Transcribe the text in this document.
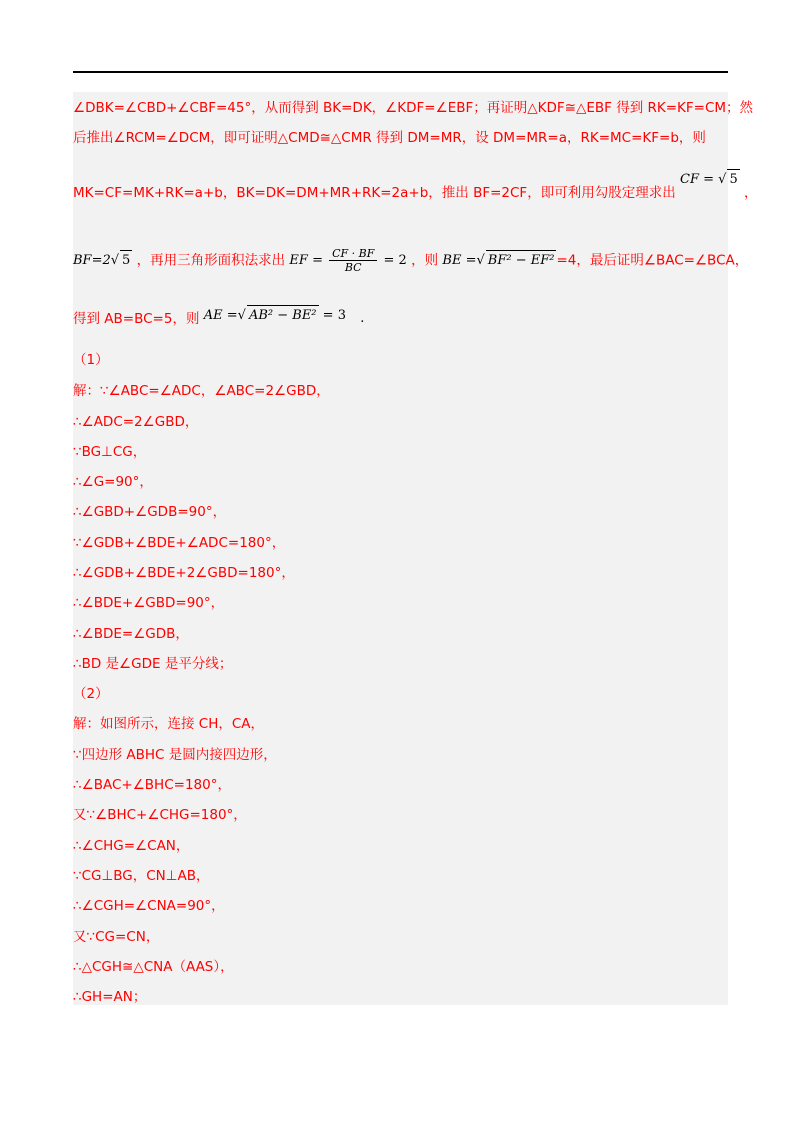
∠DBK=∠CBD+∠CBF=45°，从而得到 BK=DK，∠KDF=∠EBF；再证明△KDF≅△EBF 得到 RK=KF=CM；然
后推出∠RCM=∠DCM，即可证明△CMD≅△CMR 得到 DM=MR，设 DM=MR=a，RK=MC=KF=b，则
MK=CF=MK+RK=a+b，BK=DK=DM+MR+RK=2a+b，推出 BF=2CF，即可利用勾股定理求出 CF = √ 5 ，
BF=2√ 5 ，再用三角形面积法求出 EF = $\frac{CF \cdot BF}{BC} = 2$ ，则 BE =√ BF² − EF² =4，最后证明∠BAC=∠BCA，
得到 AB=BC=5，则 AE =√ AB² − BE² = 3 .
（1）
解：∵∠ABC=∠ADC，∠ABC=2∠GBD，
∴∠ADC=2∠GBD，
∵BG⊥CG，
∴∠G=90°，
∴∠GBD+∠GDB=90°，
∵∠GDB+∠BDE+∠ADC=180°，
∴∠GDB+∠BDE+2∠GBD=180°，
∴∠BDE+∠GBD=90°，
∴∠BDE=∠GDB，
∴BD 是∠GDE 是平分线；
（2）
解：如图所示，连接 CH，CA，
∵四边形 ABHC 是圆内接四边形，
∴∠BAC+∠BHC=180°，
又∵∠BHC+∠CHG=180°，
∴∠CHG=∠CAN，
∵CG⊥BG，CN⊥AB，
∴∠CGH=∠CNA=90°，
又∵CG=CN，
∴△CGH≅△CNA（AAS），
∴GH=AN；
